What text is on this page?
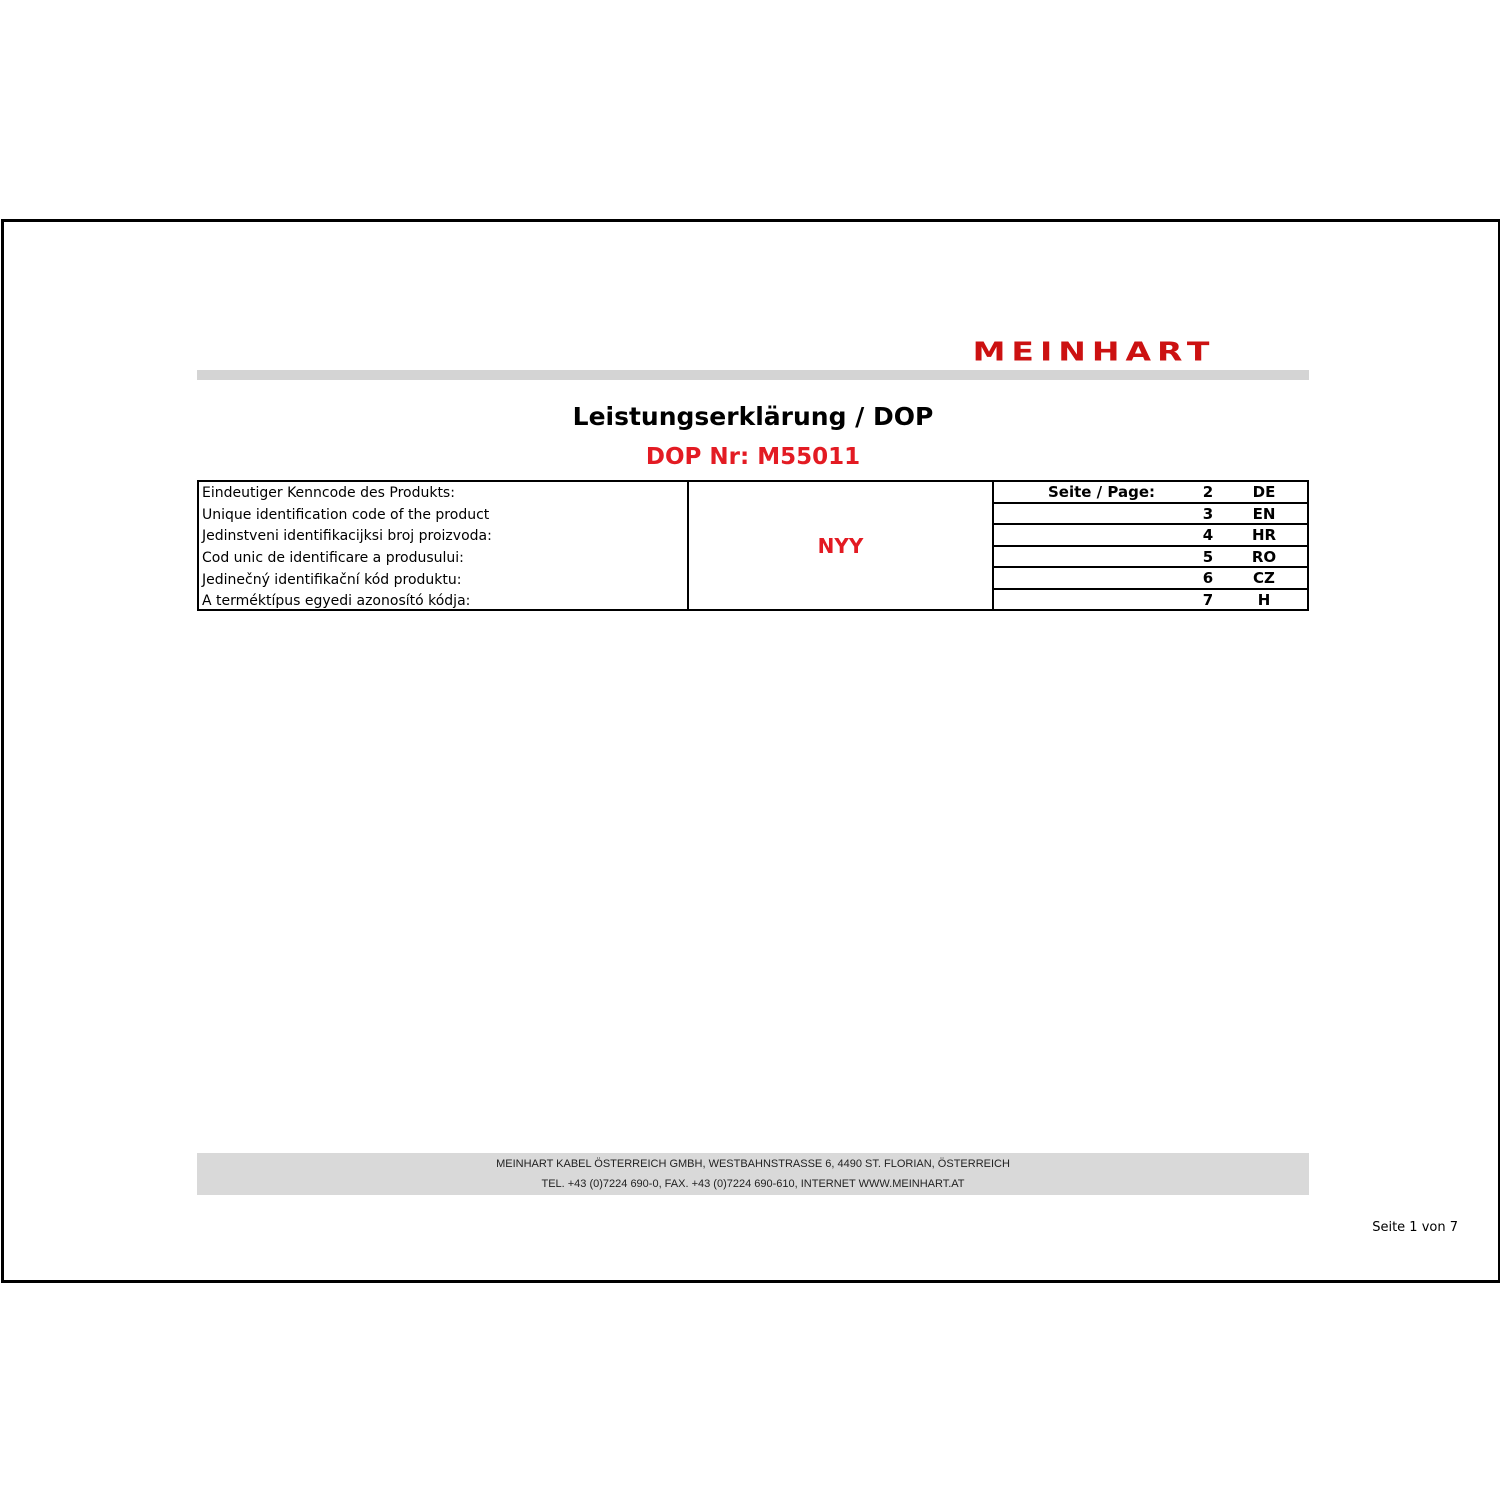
MEINHART
Leistungserklärung / DOP
DOP Nr: M55011
Eindeutiger Kenncode des Produkts:
Unique identification code of the product
Jedinstveni identifikacijksi broj proizvoda:
Cod unic de identificare a produsului:
Jedinečný identifikační kód produktu:
A terméktípus egyedi azonosító kódja:
NYY
Seite / Page:	2	DE
3	EN
4	HR
5	RO
6	CZ
7	H
MEINHART KABEL ÖSTERREICH GMBH, WESTBAHNSTRASSE 6, 4490 ST. FLORIAN, ÖSTERREICH
TEL. +43 (0)7224 690-0, FAX. +43 (0)7224 690-610, INTERNET WWW.MEINHART.AT
Seite 1 von 7
